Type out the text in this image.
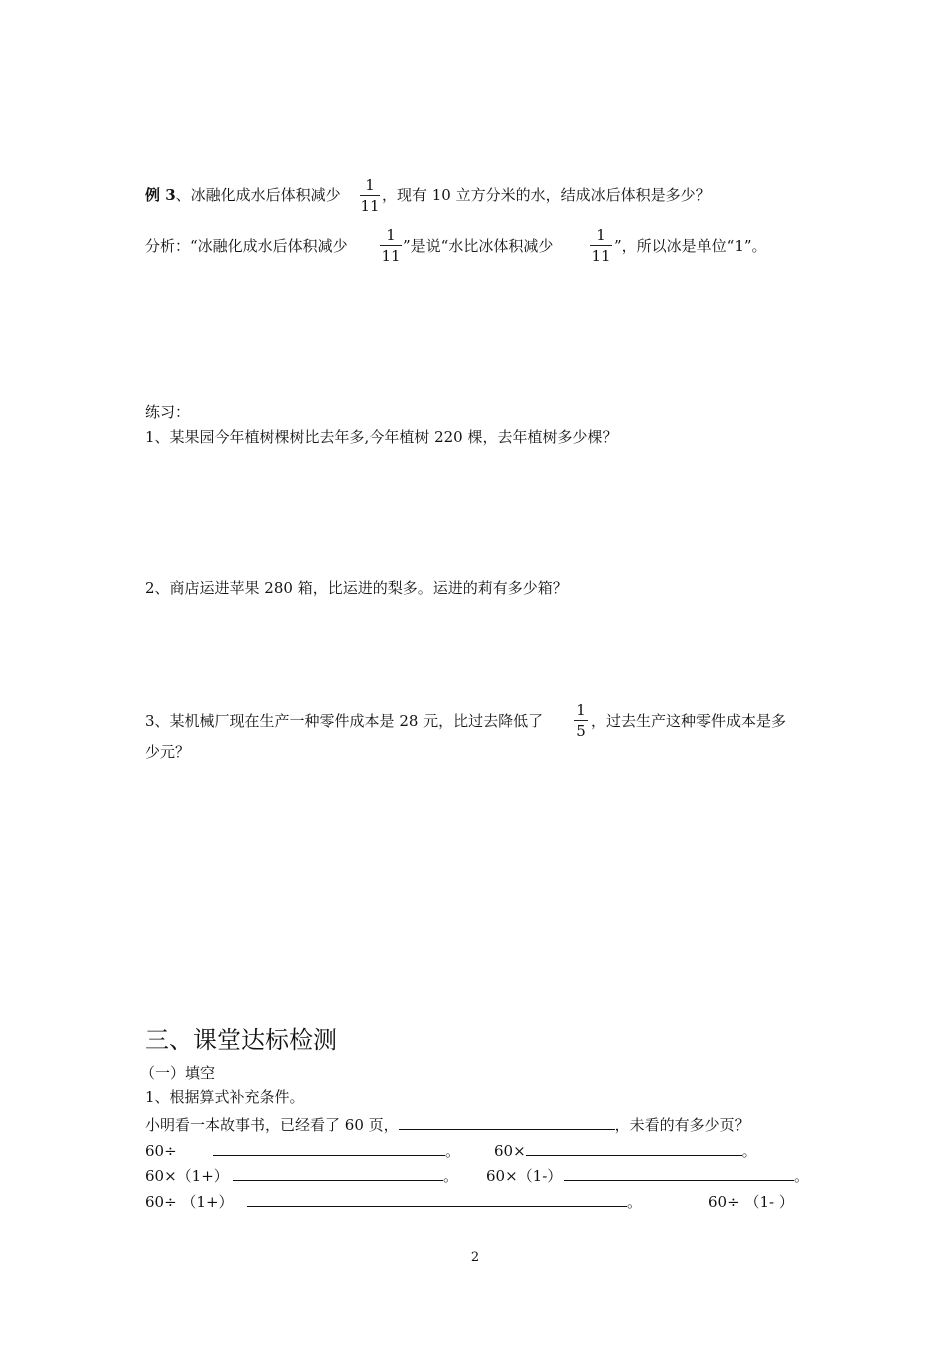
例 3、冰融化成水后体积减少
1
11
，现有 10 立方分米的水，结成冰后体积是多少？
分析：“冰融化成水后体积减少
1
11
”是说“水比冰体积减少
1
11
”，所以冰是单位“1”。
练习：
1、某果园今年植树棵树比去年多,今年植树 220 棵，去年植树多少棵？
2、商店运进苹果 280 箱，比运进的梨多。运进的莉有多少箱？
3、某机械厂现在生产一种零件成本是 28 元，比过去降低了
1
5
，过去生产这种零件成本是多
少元？
三、课堂达标检测
（一）填空
1、根据算式补充条件。
小明看一本故事书，已经看了 60 页，	，未看的有多少页？
60÷	。 60×	。
60×（1+）	。 60×（1-）	。
60÷ （1+）	。	60÷ （1- ）
2
